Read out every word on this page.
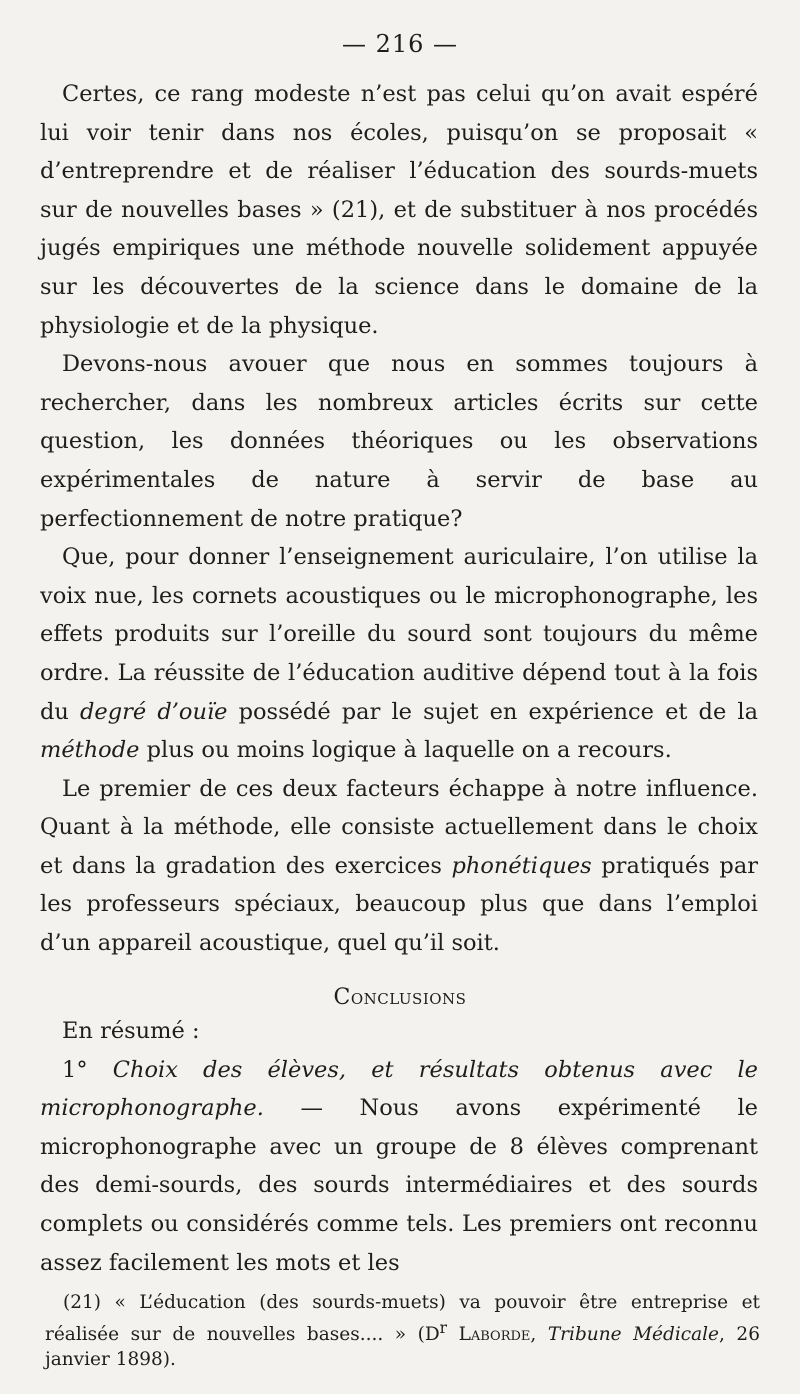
— 216 —

Certes, ce rang modeste n’est pas celui qu’on avait espéré lui voir tenir dans nos écoles, puisqu’on se proposait « d’entreprendre et de réaliser l’éducation des sourds-muets sur de nouvelles bases » (21), et de substituer à nos procédés jugés empiriques une méthode nouvelle solidement appuyée sur les découvertes de la science dans le domaine de la physiologie et de la physique.

Devons-nous avouer que nous en sommes toujours à rechercher, dans les nombreux articles écrits sur cette question, les données théoriques ou les observations expérimentales de nature à servir de base au perfectionnement de notre pratique?

Que, pour donner l’enseignement auriculaire, l’on utilise la voix nue, les cornets acoustiques ou le microphonographe, les effets produits sur l’oreille du sourd sont toujours du même ordre. La réussite de l’éducation auditive dépend tout à la fois du degré d’ouïe possédé par le sujet en expérience et de la méthode plus ou moins logique à laquelle on a recours.

Le premier de ces deux facteurs échappe à notre influence. Quant à la méthode, elle consiste actuellement dans le choix et dans la gradation des exercices phonétiques pratiqués par les professeurs spéciaux, beaucoup plus que dans l’emploi d’un appareil acoustique, quel qu’il soit.

Conclusions

En résumé :

1° Choix des élèves, et résultats obtenus avec le microphonographe. — Nous avons expérimenté le microphonographe avec un groupe de 8 élèves comprenant des demi-sourds, des sourds intermédiaires et des sourds complets ou considérés comme tels. Les premiers ont reconnu assez facilement les mots et les

(21) « L’éducation (des sourds-muets) va pouvoir être entreprise et réalisée sur de nouvelles bases.... » ($D^r$ Laborde, Tribune Médicale, 26 janvier 1898).
